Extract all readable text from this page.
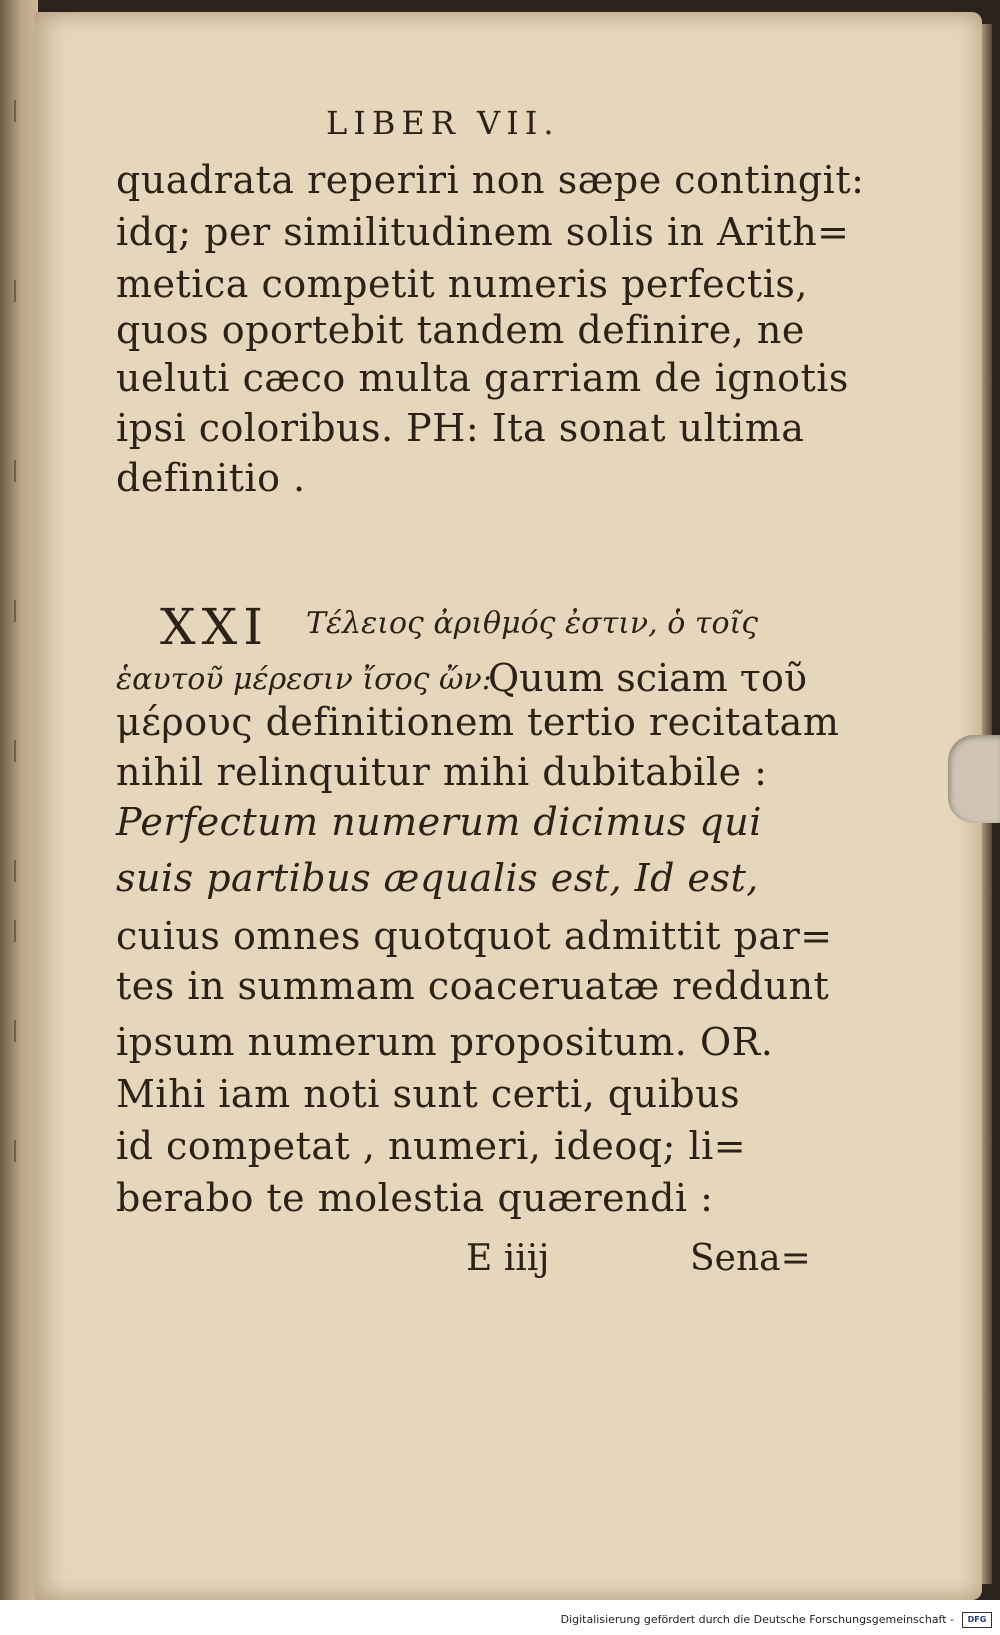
LIBER VII.
quadrata reperiri non sæpe contingit:
idq; per similitudinem solis in Arith=
metica competit numeris perfectis,
quos oportebit tandem definire, ne
ueluti cæco multa garriam de ignotis
ipsi coloribus. PH: Ita sonat ultima
definitio .
XXI Τέλειος ἀριθμός ἐστιν, ὁ τοῖς
ἑαυτοῦ μέρεσιν ἴσος ὤν:
Quum sciam τοῦ
μέρους definitionem tertio recitatam
nihil relinquitur mihi dubitabile :
Perfectum numerum dicimus qui
suis partibus æqualis est, Id est,
cuius omnes quotquot admittit par=
tes in summam coaceruatæ reddunt
ipsum numerum propositum. OR.
Mihi iam noti sunt certi, quibus
id competat , numeri, ideoq; li=
berabo te molestia quærendi :
E iiij	Sena=
Digitalisierung gefördert durch die Deutsche Forschungsgemeinschaft -	DFG
